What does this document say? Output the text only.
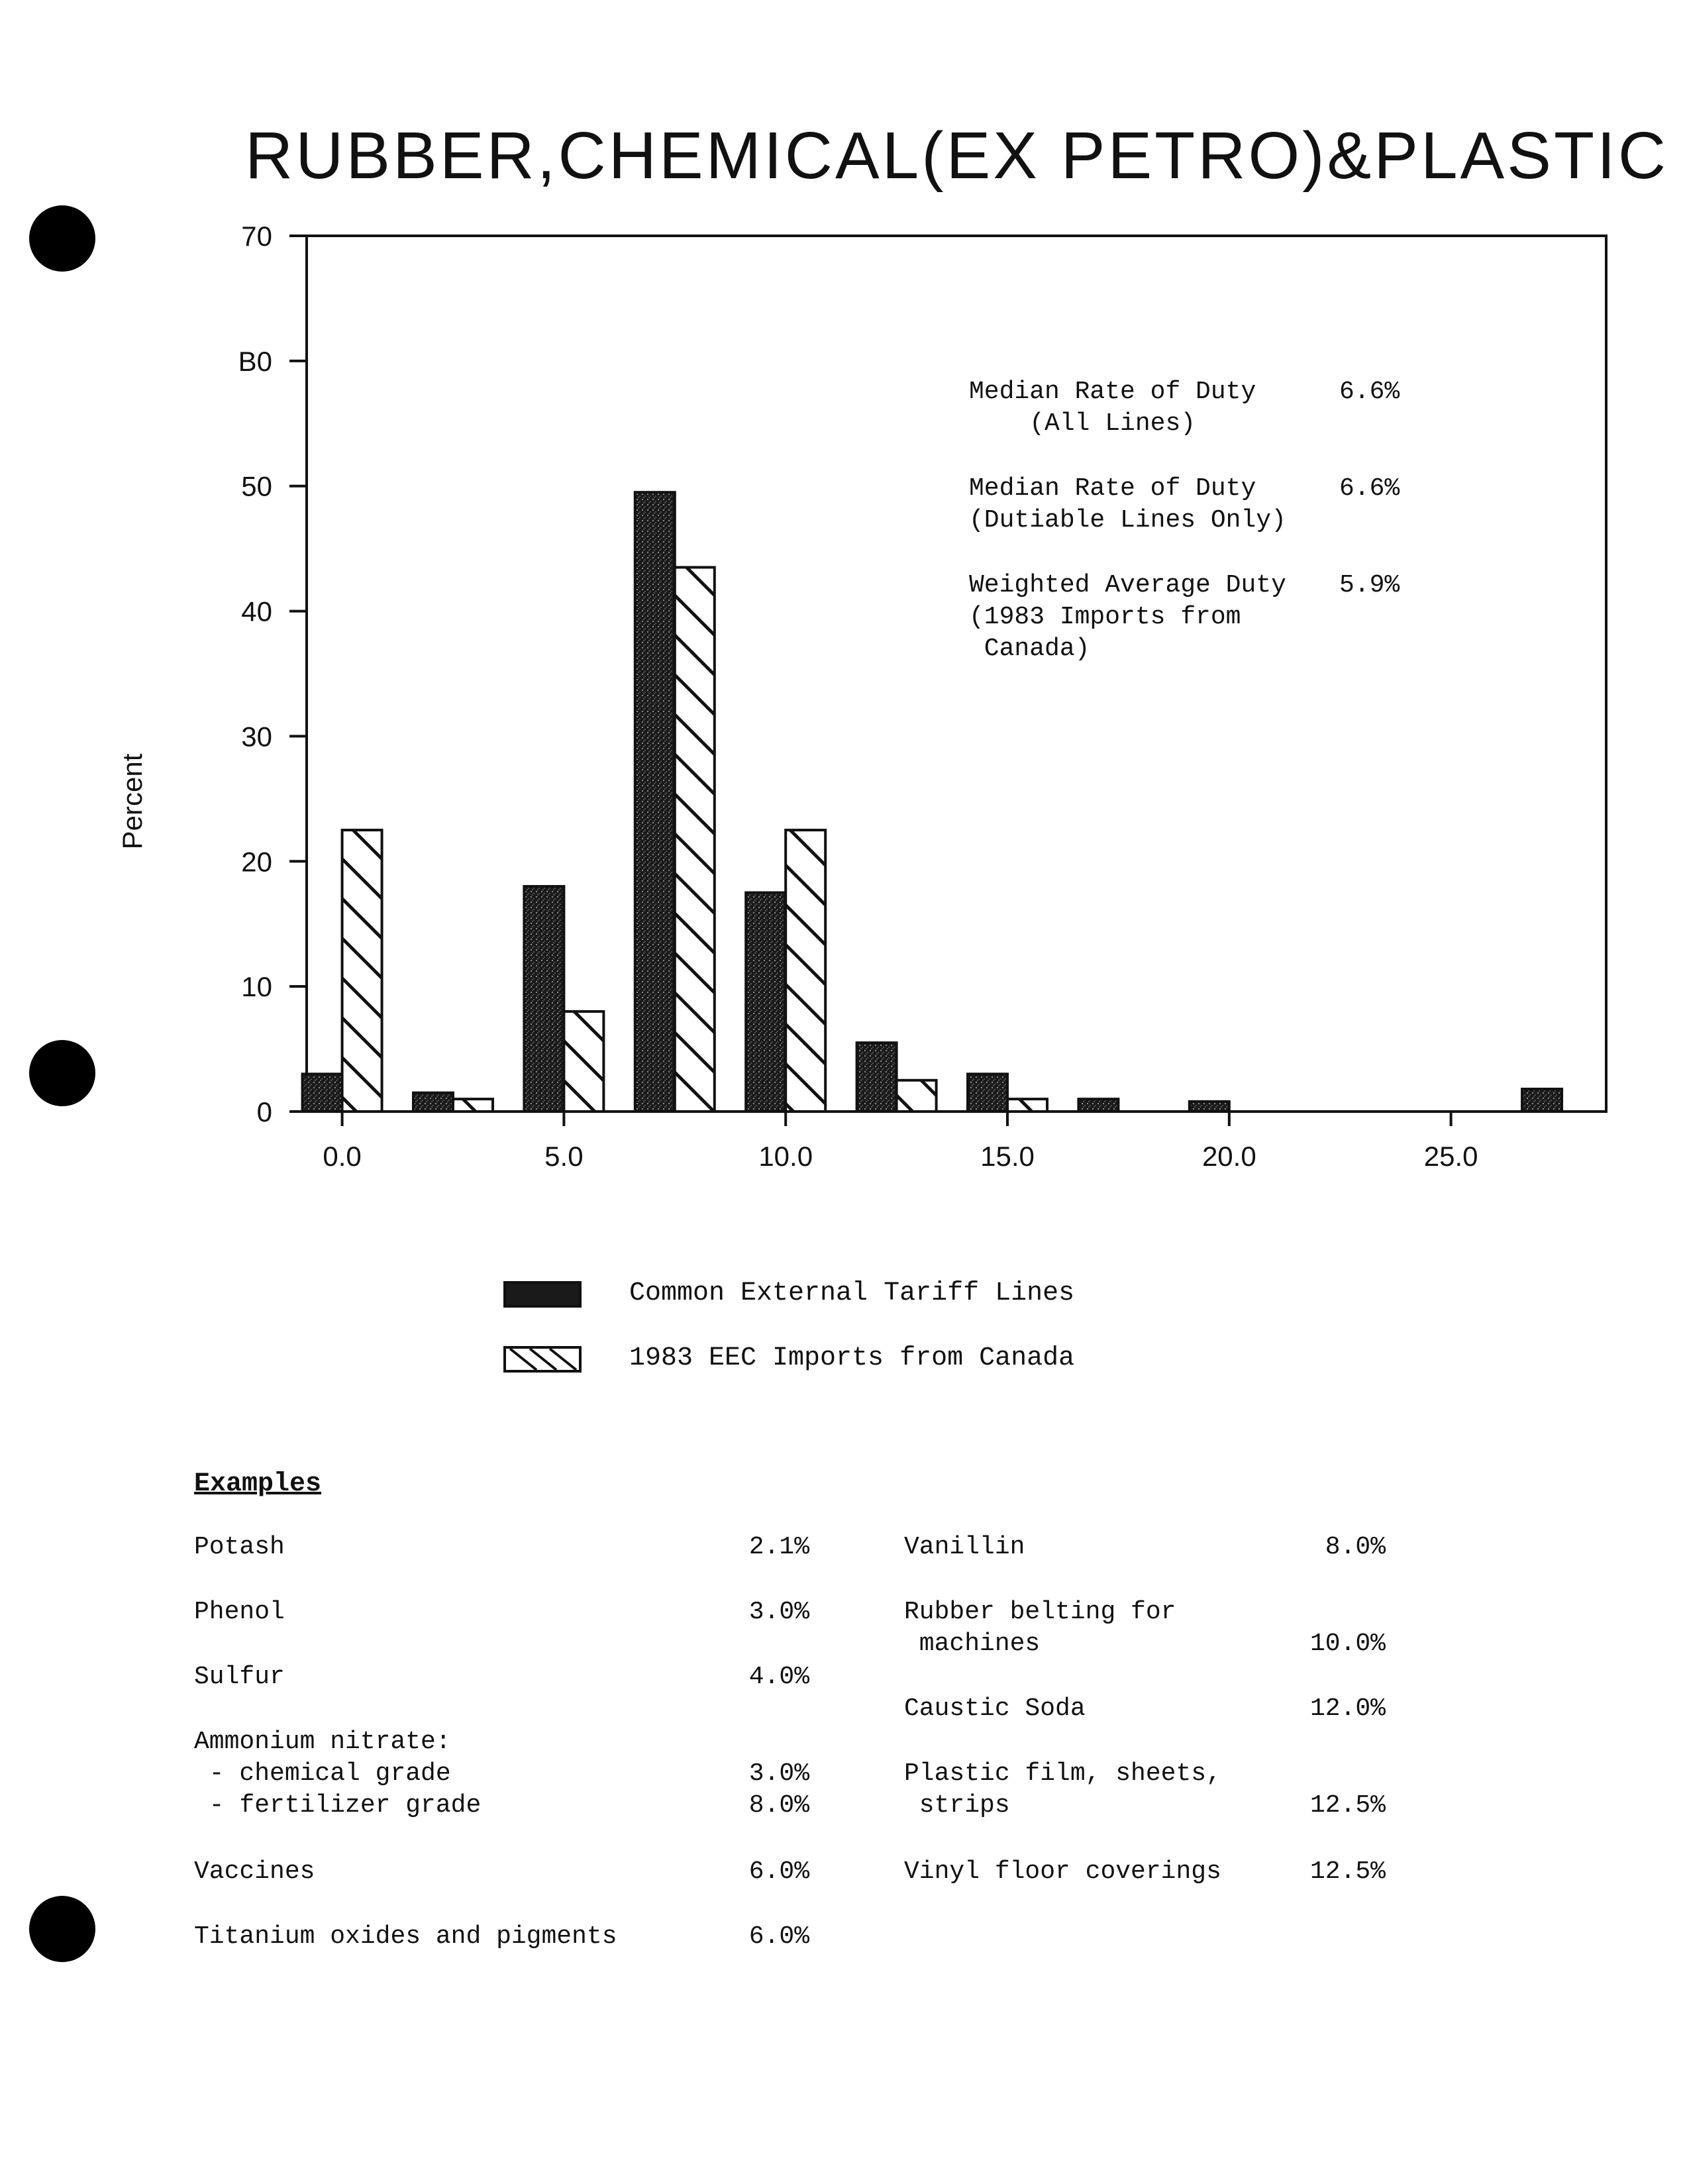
RUBBER,CHEMICAL(EX PETRO)&PLASTIC
Percent
0
10
20
30
40
50
B0
70
0.0	5.0	10.0	15.0	20.0	25.0
Median Rate of Duty
(All Lines)
6.6%
Median Rate of Duty
(Dutiable Lines Only)
6.6%
Weighted Average Duty
(1983 Imports from
Canada)
5.9%
Common External Tariff Lines
1983 EEC Imports from Canada
Examples
Potash	2.1%
Phenol	3.0%
Sulfur	4.0%
Ammonium nitrate:
- chemical grade	3.0%
- fertilizer grade	8.0%
Vaccines	6.0%
Titanium oxides and pigments	6.0%
Vanillin	8.0%
Rubber belting for
machines	10.0%
Caustic Soda	12.0%
Plastic film, sheets,
strips	12.5%
Vinyl floor coverings	12.5%
